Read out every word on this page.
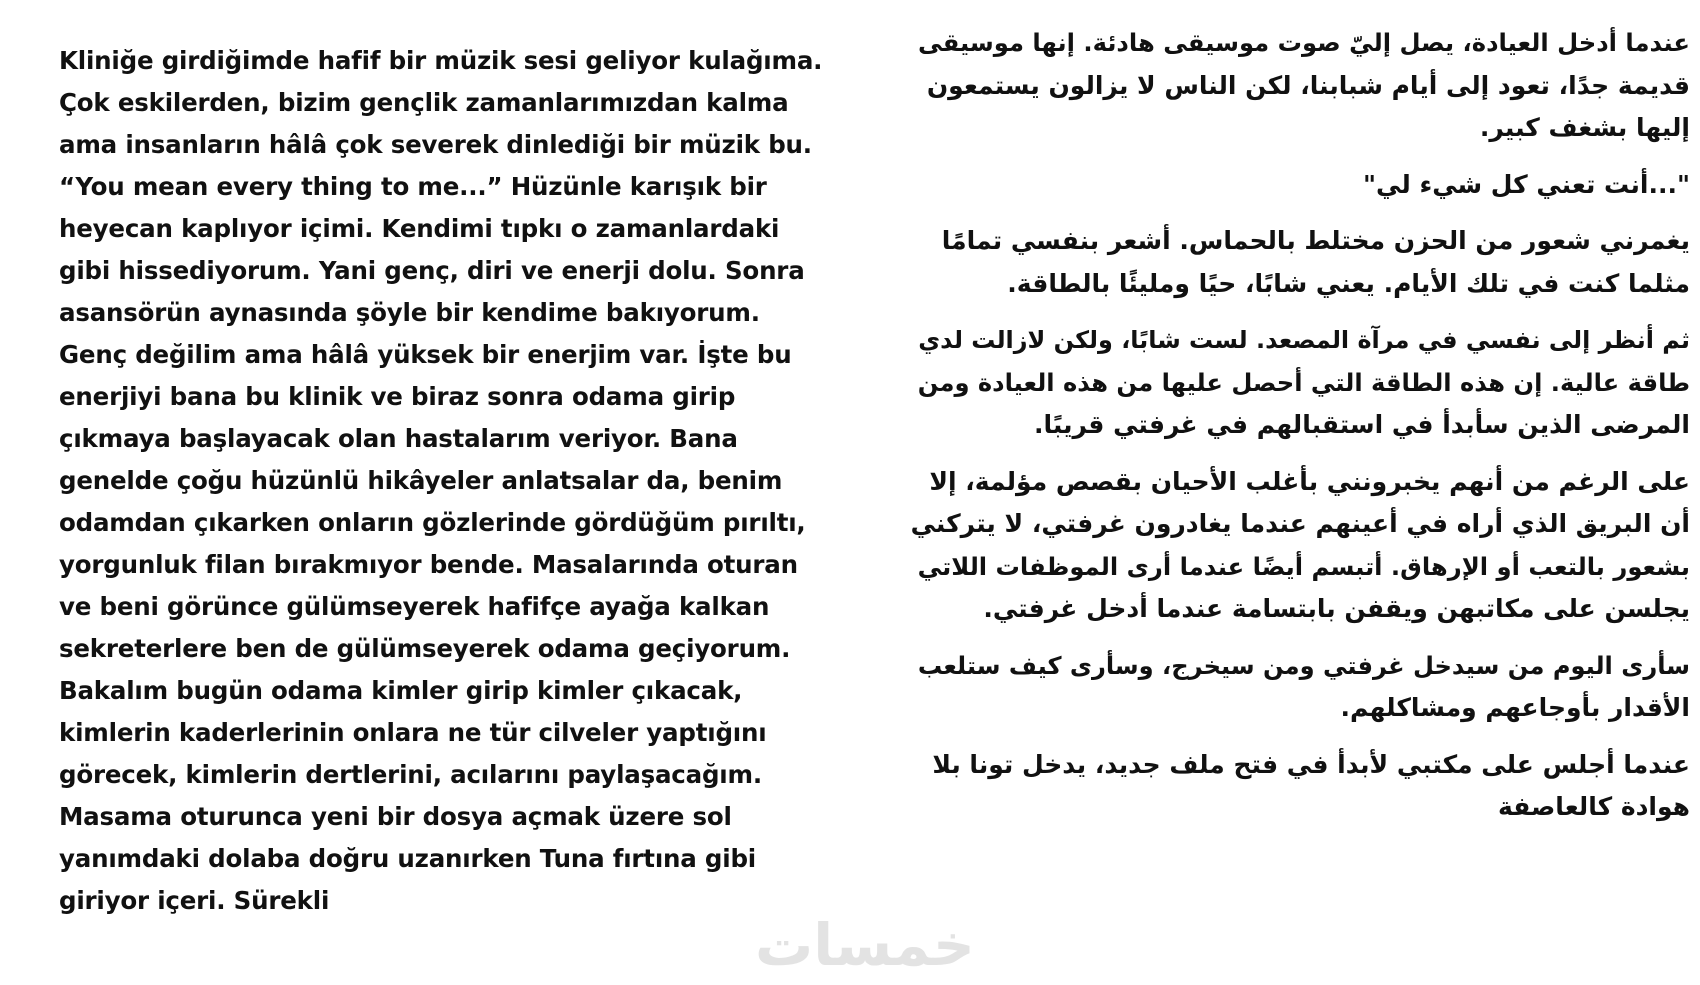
Kliniğe girdiğimde hafif bir müzik sesi geliyor kulağıma.
Çok eskilerden, bizim gençlik zamanlarımızdan kalma
ama insanların hâlâ çok severek dinlediği bir müzik bu.
“You mean every thing to me...” Hüzünle karışık bir
heyecan kaplıyor içimi. Kendimi tıpkı o zamanlardaki
gibi hissediyorum. Yani genç, diri ve enerji dolu. Sonra
asansörün aynasında şöyle bir kendime bakıyorum.
Genç değilim ama hâlâ yüksek bir enerjim var. İşte bu
enerjiyi bana bu klinik ve biraz sonra odama girip
çıkmaya başlayacak olan hastalarım veriyor. Bana
genelde çoğu hüzünlü hikâyeler anlatsalar da, benim
odamdan çıkarken onların gözlerinde gördüğüm pırıltı,
yorgunluk filan bırakmıyor bende. Masalarında oturan
ve beni görünce gülümseyerek hafifçe ayağa kalkan
sekreterlere ben de gülümseyerek odama geçiyorum.
Bakalım bugün odama kimler girip kimler çıkacak,
kimlerin kaderlerinin onlara ne tür cilveler yaptığını
görecek, kimlerin dertlerini, acılarını paylaşacağım.
Masama oturunca yeni bir dosya açmak üzere sol
yanımdaki dolaba doğru uzanırken Tuna fırtına gibi
giriyor içeri. Sürekli
عندما أدخل العيادة، يصل إليّ صوت موسيقى هادئة. إنها موسيقى
قديمة جدًا، تعود إلى أيام شبابنا، لكن الناس لا يزالون يستمعون
إليها بشغف كبير.
"...أنت تعني كل شيء لي"
يغمرني شعور من الحزن مختلط بالحماس. أشعر بنفسي تمامًا
مثلما كنت في تلك الأيام. يعني شابًا، حيًا ومليئًا بالطاقة.
ثم أنظر إلى نفسي في مرآة المصعد. لست شابًا، ولكن لازالت لدي
طاقة عالية. إن هذه الطاقة التي أحصل عليها من هذه العيادة ومن
المرضى الذين سأبدأ في استقبالهم في غرفتي قريبًا.
على الرغم من أنهم يخبرونني بأغلب الأحيان بقصص مؤلمة، إلا
أن البريق الذي أراه في أعينهم عندما يغادرون غرفتي، لا يتركني
بشعور بالتعب أو الإرهاق. أتبسم أيضًا عندما أرى الموظفات اللاتي
يجلسن على مكاتبهن ويقفن بابتسامة عندما أدخل غرفتي.
سأرى اليوم من سيدخل غرفتي ومن سيخرج، وسأرى كيف ستلعب
الأقدار بأوجاعهم ومشاكلهم.
عندما أجلس على مكتبي لأبدأ في فتح ملف جديد، يدخل تونا بلا
هوادة كالعاصفة
خمسات
